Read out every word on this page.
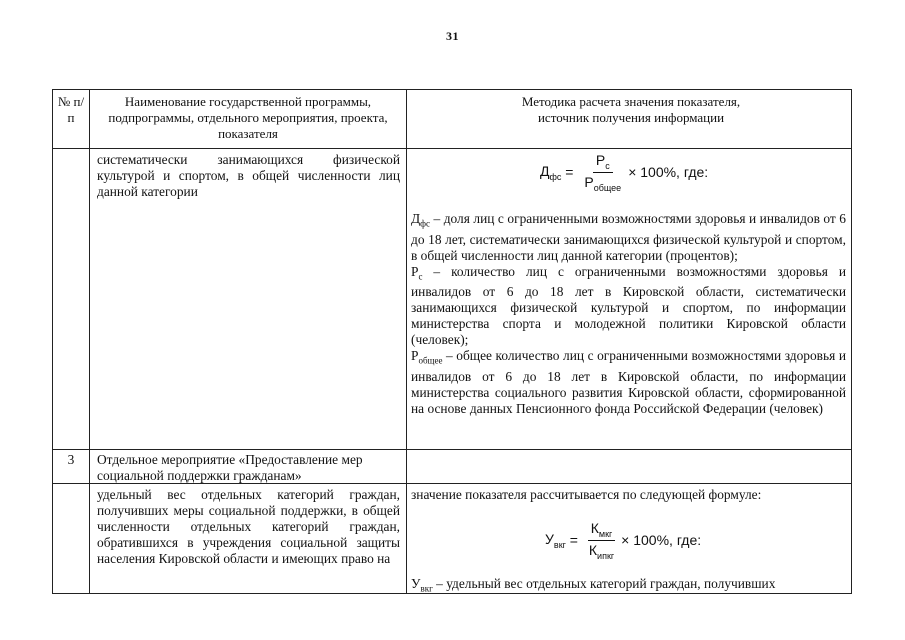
31
№ п/п
Наименование государственной программы, подпрограммы, отдельного мероприятия, проекта, показателя
Методика расчета значения показателя, источник получения информации
систематически занимающихся физической культурой и спортом, в общей численности лиц данной категории
$Д_{фс} = \frac{Р_с}{Р_{общее}} \times 100\%$, где:

$Д_{фс}$ – доля лиц с ограниченными возможностями здоровья и инвалидов от 6 до 18 лет, систематически занимающихся физической культурой и спортом, в общей численности лиц данной категории (процентов);

$Р_с$ – количество лиц с ограниченными возможностями здоровья и инвалидов от 6 до 18 лет в Кировской области, систематически занимающихся физической культурой и спортом, по информации министерства спорта и молодежной политики Кировской области (человек);

$Р_{общее}$ – общее количество лиц с ограниченными возможностями здоровья и инвалидов от 6 до 18 лет в Кировской области, по информации министерства социального развития Кировской области, сформированной на основе данных Пенсионного фонда Российской Федерации (человек)

3	Отдельное мероприятие «Предоставление мер социальной поддержки гражданам»
удельный вес отдельных категорий граждан, получивших меры социальной поддержки, в общей численности отдельных категорий граждан, обратившихся в учреждения социальной защиты населения Кировской области и имеющих право на
значение показателя рассчитывается по следующей формуле:
$У_{вкг} = \frac{К_{мкг}}{К_{ипкг}} \times 100\%$, где:
$У_{вкг}$ – удельный вес отдельных категорий граждан, получивших
